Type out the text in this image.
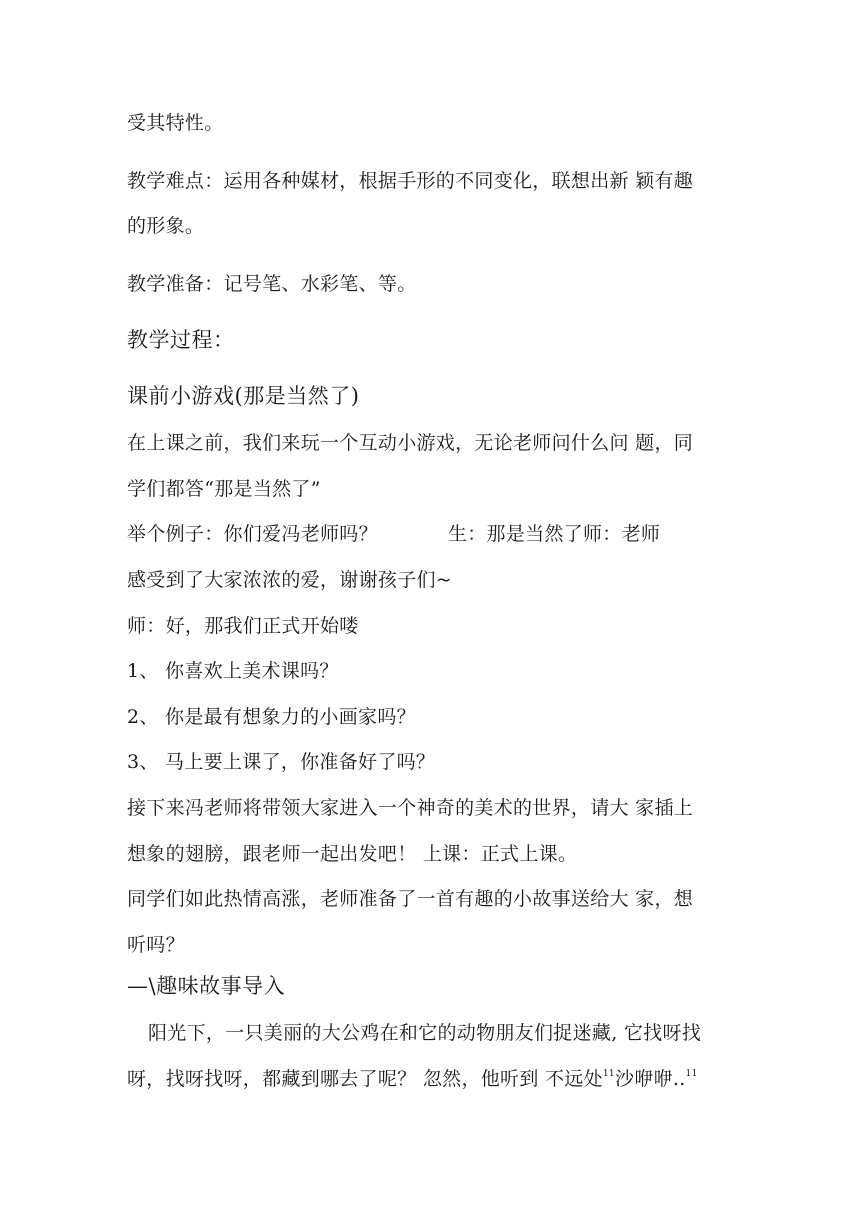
受其特性。
教学难点：运用各种媒材，根据手形的不同变化，联想出新 颖有趣
的形象。
教学准备：记号笔、水彩笔、等。
教学过程：
课前小游戏(那是当然了)
在上课之前，我们来玩一个互动小游戏，无论老师问什么问 题，同
学们都答“那是当然了”
举个例子：你们爱冯老师吗？	生：那是当然了师：老师
感受到了大家浓浓的爱，谢谢孩子们~
师：好，那我们正式开始喽
1、 你喜欢上美术课吗？
2、 你是最有想象力的小画家吗？
3、 马上要上课了，你准备好了吗？
接下来冯老师将带领大家进入一个神奇的美术的世界，请大 家插上
想象的翅膀，跟老师一起出发吧！ 上课：正式上课。
同学们如此热情高涨，老师准备了一首有趣的小故事送给大 家，想
听吗？
—\趣味故事导入
阳光下，一只美丽的大公鸡在和它的动物朋友们捉迷藏, 它找呀找
呀，找呀找呀，都藏到哪去了呢？ 忽然，他听到 不远处$^{11}$沙咿咿..$^{11}$
